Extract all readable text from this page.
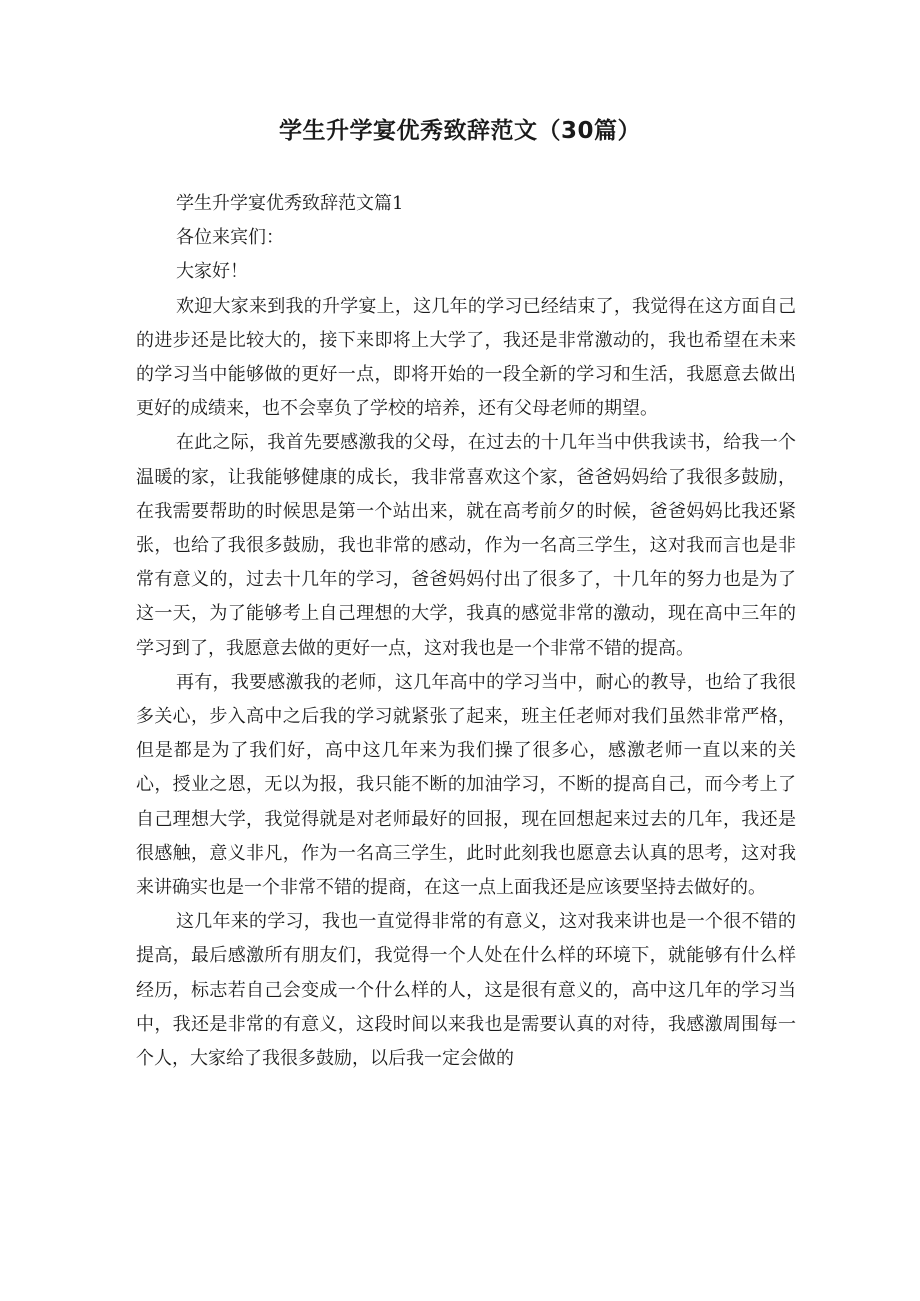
学生升学宴优秀致辞范文（30篇）

学生升学宴优秀致辞范文篇1

各位来宾们：

大家好！

欢迎大家来到我的升学宴上，这几年的学习已经结束了，我觉得在这方面自己的进步还是比较大的，接下来即将上大学了，我还是非常激动的，我也希望在未来的学习当中能够做的更好一点，即将开始的一段全新的学习和生活，我愿意去做出更好的成绩来，也不会辜负了学校的培养，还有父母老师的期望。

在此之际，我首先要感激我的父母，在过去的十几年当中供我读书，给我一个温暖的家，让我能够健康的成长，我非常喜欢这个家，爸爸妈妈给了我很多鼓励，在我需要帮助的时候思是第一个站出来，就在高考前夕的时候，爸爸妈妈比我还紧张，也给了我很多鼓励，我也非常的感动，作为一名高三学生，这对我而言也是非常有意义的，过去十几年的学习，爸爸妈妈付出了很多了，十几年的努力也是为了这一天，为了能够考上自己理想的大学，我真的感觉非常的激动，现在高中三年的学习到了，我愿意去做的更好一点，这对我也是一个非常不错的提高。

再有，我要感激我的老师，这几年高中的学习当中，耐心的教导，也给了我很多关心，步入高中之后我的学习就紧张了起来，班主任老师对我们虽然非常严格，但是都是为了我们好，高中这几年来为我们操了很多心，感激老师一直以来的关心，授业之恩，无以为报，我只能不断的加油学习，不断的提高自己，而今考上了自己理想大学，我觉得就是对老师最好的回报，现在回想起来过去的几年，我还是很感触，意义非凡，作为一名高三学生，此时此刻我也愿意去认真的思考，这对我来讲确实也是一个非常不错的提商，在这一点上面我还是应该要坚持去做好的。

这几年来的学习，我也一直觉得非常的有意义，这对我来讲也是一个很不错的提高，最后感激所有朋友们，我觉得一个人处在什么样的环境下，就能够有什么样经历，标志若自己会变成一个什么样的人，这是很有意义的，高中这几年的学习当中，我还是非常的有意义，这段时间以来我也是需要认真的对待，我感激周围每一个人，大家给了我很多鼓励，以后我一定会做的
